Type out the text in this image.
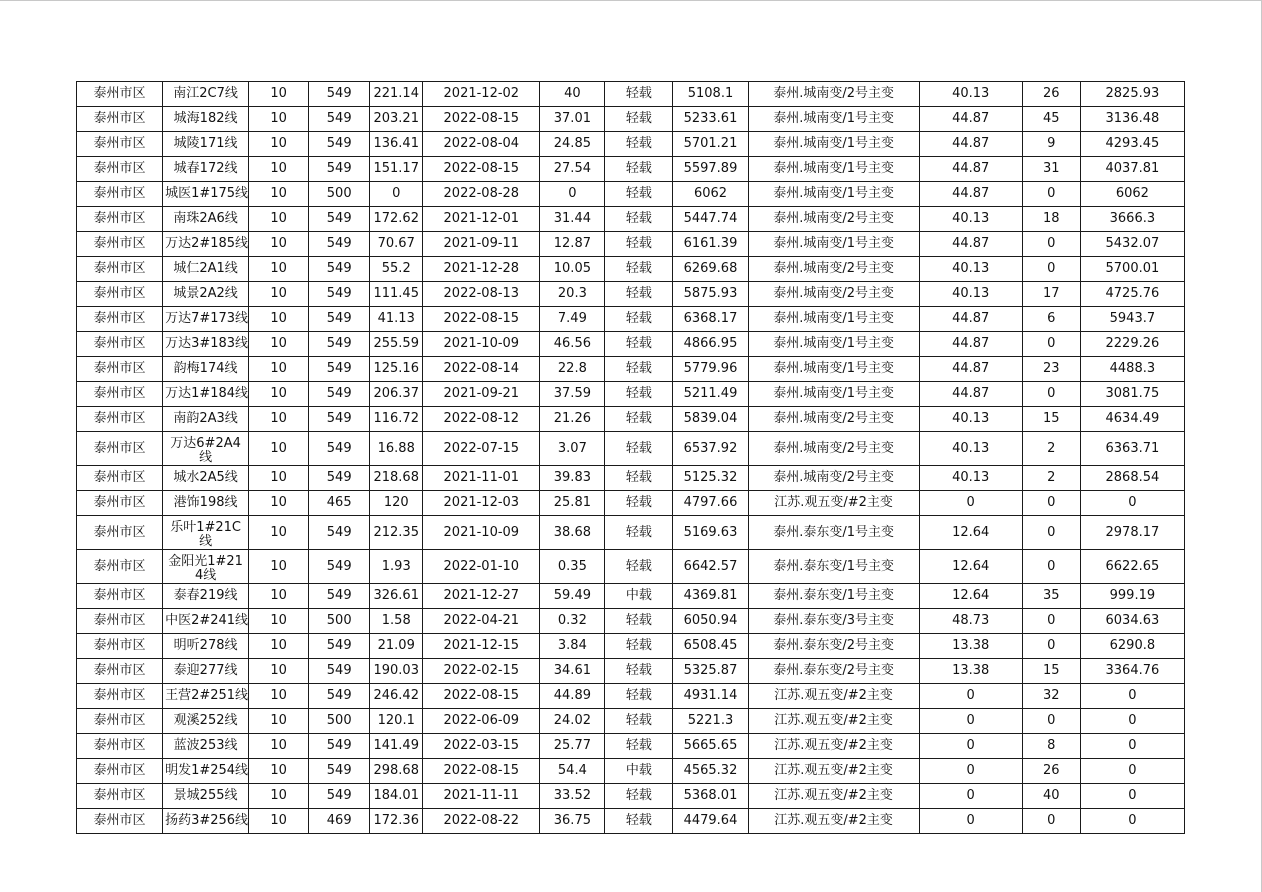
泰州市区	南江2C7线	10	549	221.14	2021-12-02	40	轻载	5108.1	泰州.城南变/2号主变	40.13	26	2825.93
泰州市区	城海182线	10	549	203.21	2022-08-15	37.01	轻载	5233.61	泰州.城南变/1号主变	44.87	45	3136.48
泰州市区	城陵171线	10	549	136.41	2022-08-04	24.85	轻载	5701.21	泰州.城南变/1号主变	44.87	9	4293.45
泰州市区	城春172线	10	549	151.17	2022-08-15	27.54	轻载	5597.89	泰州.城南变/1号主变	44.87	31	4037.81
泰州市区	城医1#175线	10	500	0	2022-08-28	0	轻载	6062	泰州.城南变/1号主变	44.87	0	6062
泰州市区	南珠2A6线	10	549	172.62	2021-12-01	31.44	轻载	5447.74	泰州.城南变/2号主变	40.13	18	3666.3
泰州市区	万达2#185线	10	549	70.67	2021-09-11	12.87	轻载	6161.39	泰州.城南变/1号主变	44.87	0	5432.07
泰州市区	城仁2A1线	10	549	55.2	2021-12-28	10.05	轻载	6269.68	泰州.城南变/2号主变	40.13	0	5700.01
泰州市区	城景2A2线	10	549	111.45	2022-08-13	20.3	轻载	5875.93	泰州.城南变/2号主变	40.13	17	4725.76
泰州市区	万达7#173线	10	549	41.13	2022-08-15	7.49	轻载	6368.17	泰州.城南变/1号主变	44.87	6	5943.7
泰州市区	万达3#183线	10	549	255.59	2021-10-09	46.56	轻载	4866.95	泰州.城南变/1号主变	44.87	0	2229.26
泰州市区	韵梅174线	10	549	125.16	2022-08-14	22.8	轻载	5779.96	泰州.城南变/1号主变	44.87	23	4488.3
泰州市区	万达1#184线	10	549	206.37	2021-09-21	37.59	轻载	5211.49	泰州.城南变/1号主变	44.87	0	3081.75
泰州市区	南韵2A3线	10	549	116.72	2022-08-12	21.26	轻载	5839.04	泰州.城南变/2号主变	40.13	15	4634.49
泰州市区	万达6#2A4线	10	549	16.88	2022-07-15	3.07	轻载	6537.92	泰州.城南变/2号主变	40.13	2	6363.71
泰州市区	城水2A5线	10	549	218.68	2021-11-01	39.83	轻载	5125.32	泰州.城南变/2号主变	40.13	2	2868.54
泰州市区	港饰198线	10	465	120	2021-12-03	25.81	轻载	4797.66	江苏.观五变/#2主变	0	0	0
泰州市区	乐叶1#21C线	10	549	212.35	2021-10-09	38.68	轻载	5169.63	泰州.泰东变/1号主变	12.64	0	2978.17
泰州市区	金阳光1#214线	10	549	1.93	2022-01-10	0.35	轻载	6642.57	泰州.泰东变/1号主变	12.64	0	6622.65
泰州市区	泰春219线	10	549	326.61	2021-12-27	59.49	中载	4369.81	泰州.泰东变/1号主变	12.64	35	999.19
泰州市区	中医2#241线	10	500	1.58	2022-04-21	0.32	轻载	6050.94	泰州.泰东变/3号主变	48.73	0	6034.63
泰州市区	明听278线	10	549	21.09	2021-12-15	3.84	轻载	6508.45	泰州.泰东变/2号主变	13.38	0	6290.8
泰州市区	泰迎277线	10	549	190.03	2022-02-15	34.61	轻载	5325.87	泰州.泰东变/2号主变	13.38	15	3364.76
泰州市区	王营2#251线	10	549	246.42	2022-08-15	44.89	轻载	4931.14	江苏.观五变/#2主变	0	32	0
泰州市区	观溪252线	10	500	120.1	2022-06-09	24.02	轻载	5221.3	江苏.观五变/#2主变	0	0	0
泰州市区	蓝波253线	10	549	141.49	2022-03-15	25.77	轻载	5665.65	江苏.观五变/#2主变	0	8	0
泰州市区	明发1#254线	10	549	298.68	2022-08-15	54.4	中载	4565.32	江苏.观五变/#2主变	0	26	0
泰州市区	景城255线	10	549	184.01	2021-11-11	33.52	轻载	5368.01	江苏.观五变/#2主变	0	40	0
泰州市区	扬药3#256线	10	469	172.36	2022-08-22	36.75	轻载	4479.64	江苏.观五变/#2主变	0	0	0
